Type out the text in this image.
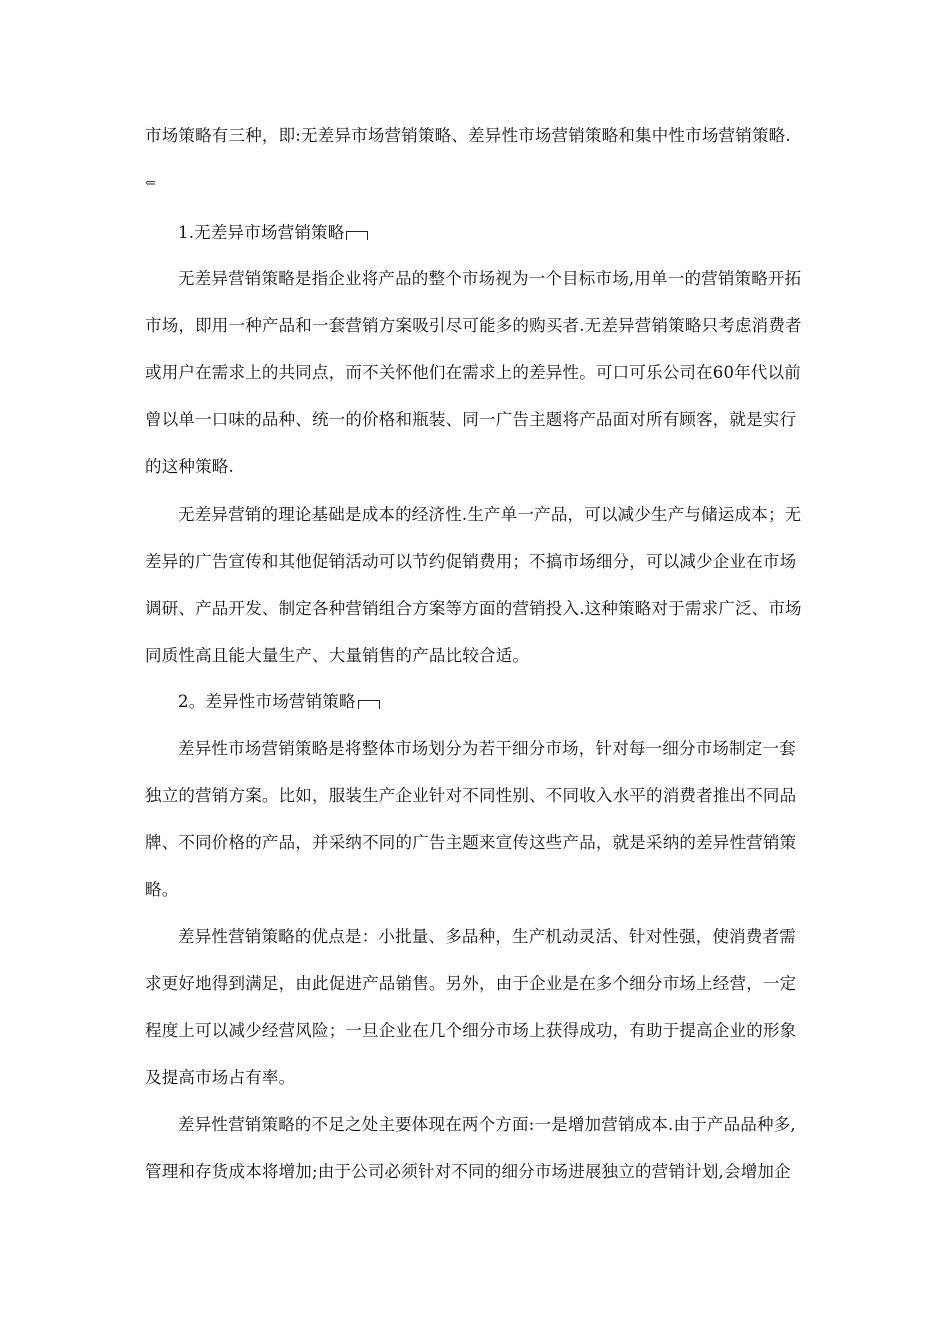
市场策略有三种，即:无差异市场营销策略、差异性市场营销策略和集中性市场营销策略.
⇐
1.无差异市场营销策略
无差异营销策略是指企业将产品的整个市场视为一个目标市场,用单一的营销策略开拓
市场，即用一种产品和一套营销方案吸引尽可能多的购买者.无差异营销策略只考虑消费者
或用户在需求上的共同点，而不关怀他们在需求上的差异性。可口可乐公司在60年代以前
曾以单一口味的品种、统一的价格和瓶装、同一广告主题将产品面对所有顾客，就是实行
的这种策略.
无差异营销的理论基础是成本的经济性.生产单一产品，可以减少生产与储运成本；无
差异的广告宣传和其他促销活动可以节约促销费用；不搞市场细分，可以减少企业在市场
调研、产品开发、制定各种营销组合方案等方面的营销投入.这种策略对于需求广泛、市场
同质性高且能大量生产、大量销售的产品比较合适。
2。差异性市场营销策略
差异性市场营销策略是将整体市场划分为若干细分市场，针对每一细分市场制定一套
独立的营销方案。比如，服装生产企业针对不同性别、不同收入水平的消费者推出不同品
牌、不同价格的产品，并采纳不同的广告主题来宣传这些产品，就是采纳的差异性营销策
略。
差异性营销策略的优点是：小批量、多品种，生产机动灵活、针对性强，使消费者需
求更好地得到满足，由此促进产品销售。另外，由于企业是在多个细分市场上经营，一定
程度上可以减少经营风险；一旦企业在几个细分市场上获得成功，有助于提高企业的形象
及提高市场占有率。
差异性营销策略的不足之处主要体现在两个方面:一是增加营销成本.由于产品品种多,
管理和存货成本将增加;由于公司必须针对不同的细分市场进展独立的营销计划,会增加企
